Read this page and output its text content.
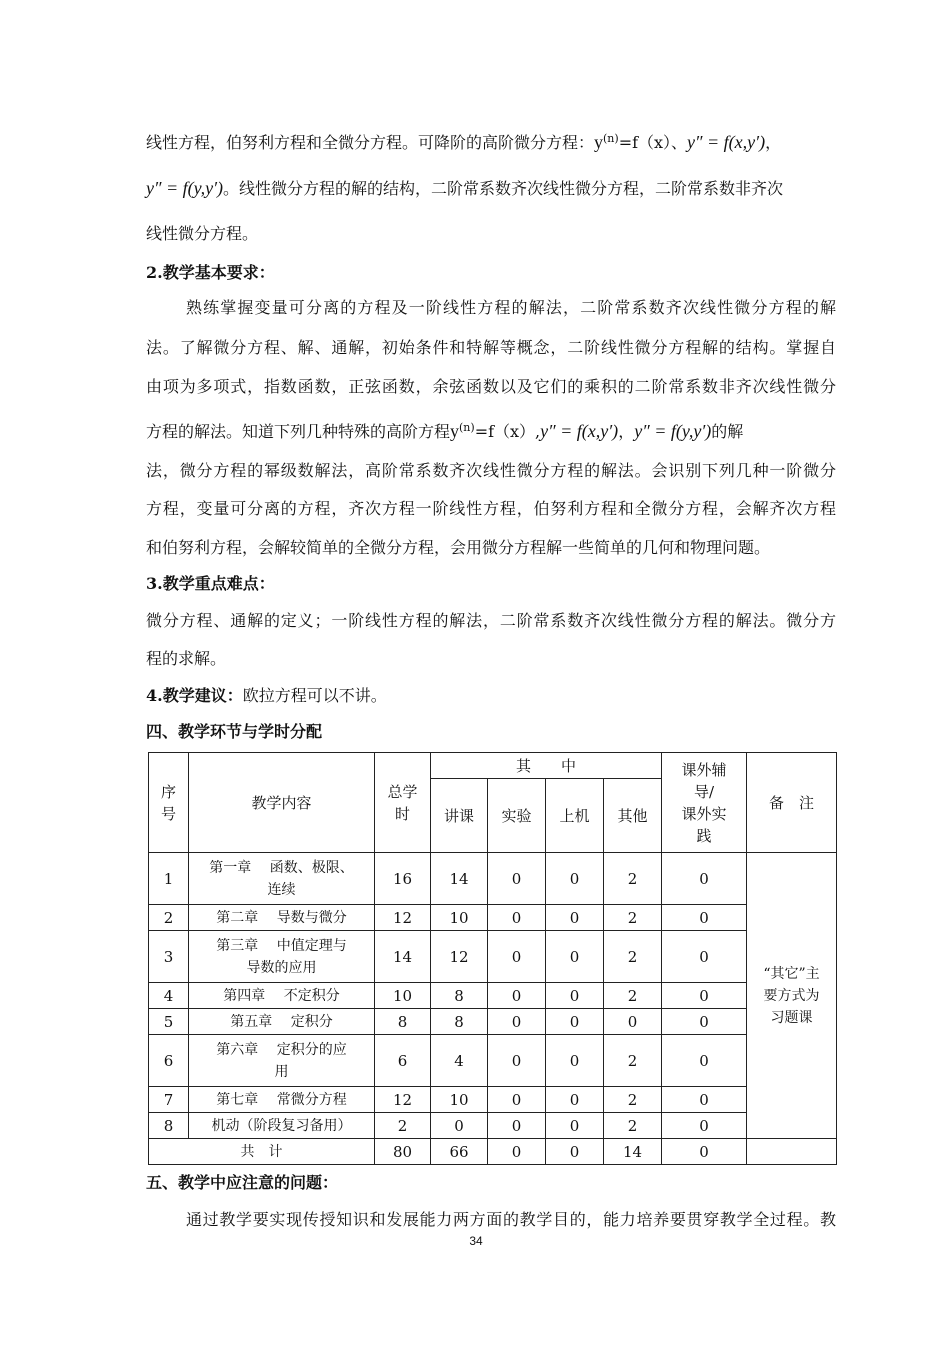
线性方程，伯努利方程和全微分方程。可降阶的高阶微分方程：$y^{(n)}=f(x)$、y″ = f(x,y′)，
y″ = f(y,y′)。线性微分方程的解的结构，二阶常系数齐次线性微分方程，二阶常系数非齐次
线性微分方程。
2.教学基本要求：
熟练掌握变量可分离的方程及一阶线性方程的解法，二阶常系数齐次线性微分方程的解
法。了解微分方程、解、通解，初始条件和特解等概念，二阶线性微分方程解的结构。掌握自
由项为多项式，指数函数，正弦函数，余弦函数以及它们的乘积的二阶常系数非齐次线性微分
方程的解法。知道下列几种特殊的高阶方程$y^{(n)}=f(x),y'' = f(x,y')$，y″ = f(y,y′)的解
法，微分方程的幂级数解法，高阶常系数齐次线性微分方程的解法。会识别下列几种一阶微分
方程，变量可分离的方程，齐次方程一阶线性方程，伯努利方程和全微分方程，会解齐次方程
和伯努利方程，会解较简单的全微分方程，会用微分方程解一些简单的几何和物理问题。
3.教学重点难点：
微分方程、通解的定义；一阶线性方程的解法，二阶常系数齐次线性微分方程的解法。微分方
程的求解。
4.教学建议：欧拉方程可以不讲。
四、教学环节与学时分配
序
号	教学内容	总学
时	其　　中				课外辅
导/
课外实
践	备　注
			讲课	实验	上机	其他		
1	第一章　 函数、极限、
连续	16	14	0	0	2	0	“其它”主
要方式为
习题课
2	第二章　 导数与微分	12	10	0	0	2	0	
3	第三章　 中值定理与
导数的应用	14	12	0	0	2	0	
4	第四章　 不定积分	10	8	0	0	2	0	
5	第五章　 定积分	8	8	0	0	0	0	
6	第六章　 定积分的应
用	6	4	0	0	2	0	
7	第七章　 常微分方程	12	10	0	0	2	0	
8	机动（阶段复习备用）	2	0	0	0	2	0	
共　计		80	66	0	0	14	0	
五、教学中应注意的问题：
通过教学要实现传授知识和发展能力两方面的教学目的，能力培养要贯穿教学全过程。教
34
